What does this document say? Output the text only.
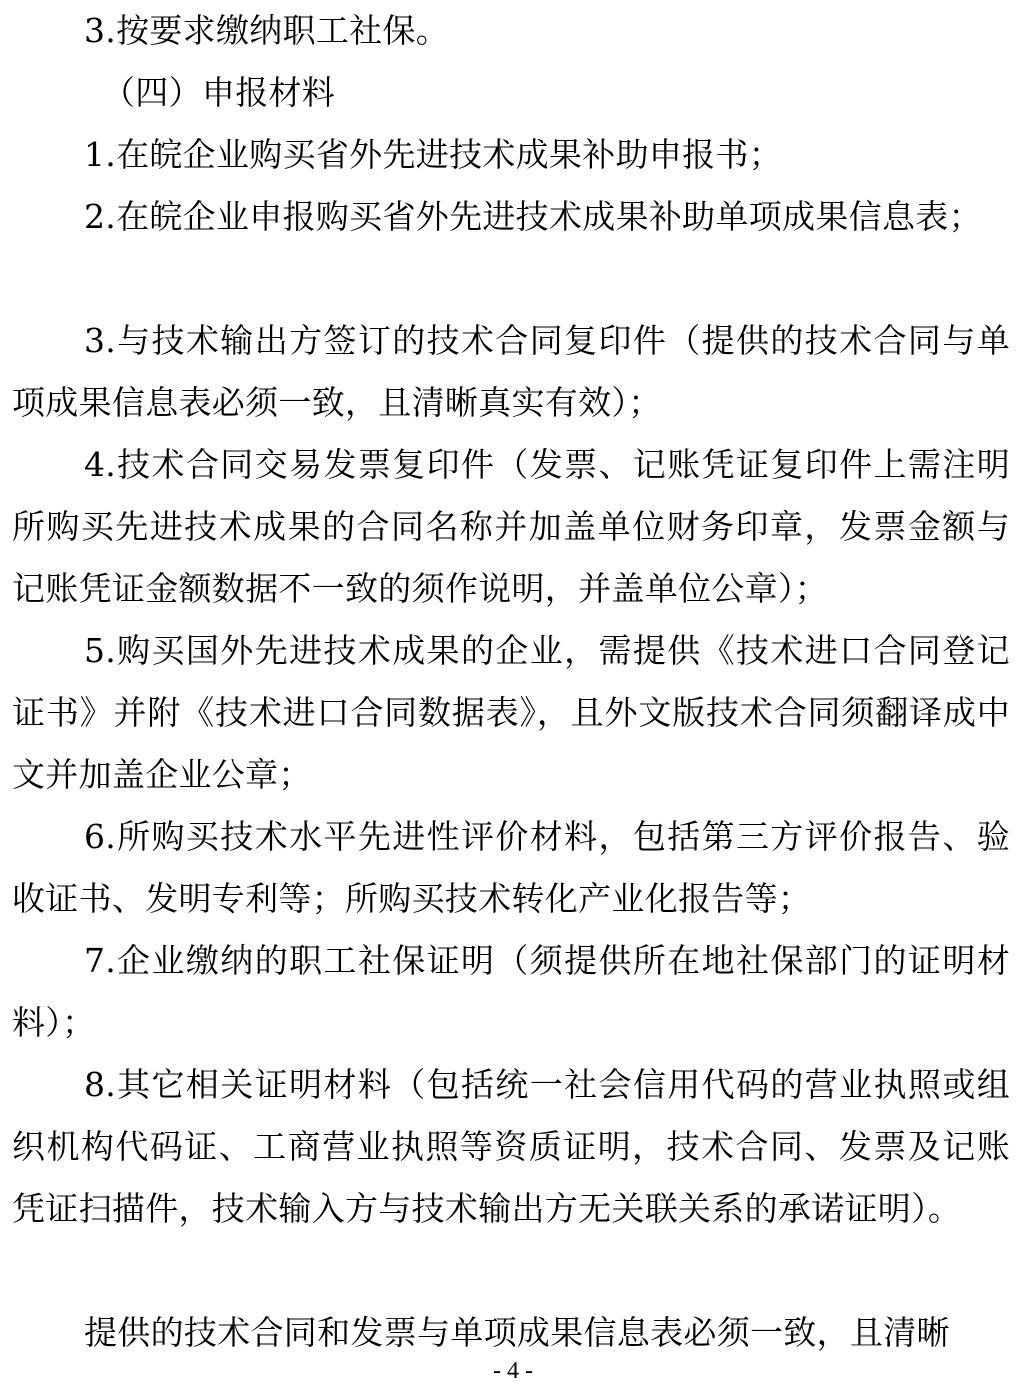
3.按要求缴纳职工社保。

（四）申报材料

1.在皖企业购买省外先进技术成果补助申报书；

2.在皖企业申报购买省外先进技术成果补助单项成果信息表；

3.与技术输出方签订的技术合同复印件（提供的技术合同与单项成果信息表必须一致，且清晰真实有效）；

4.技术合同交易发票复印件（发票、记账凭证复印件上需注明所购买先进技术成果的合同名称并加盖单位财务印章，发票金额与记账凭证金额数据不一致的须作说明，并盖单位公章）；

5.购买国外先进技术成果的企业，需提供《技术进口合同登记证书》并附《技术进口合同数据表》，且外文版技术合同须翻译成中文并加盖企业公章；

6.所购买技术水平先进性评价材料，包括第三方评价报告、验收证书、发明专利等；所购买技术转化产业化报告等；

7.企业缴纳的职工社保证明（须提供所在地社保部门的证明材料）；

8.其它相关证明材料（包括统一社会信用代码的营业执照或组织机构代码证、工商营业执照等资质证明，技术合同、发票及记账凭证扫描件，技术输入方与技术输出方无关联关系的承诺证明）。

提供的技术合同和发票与单项成果信息表必须一致，且清晰

- 4 -
